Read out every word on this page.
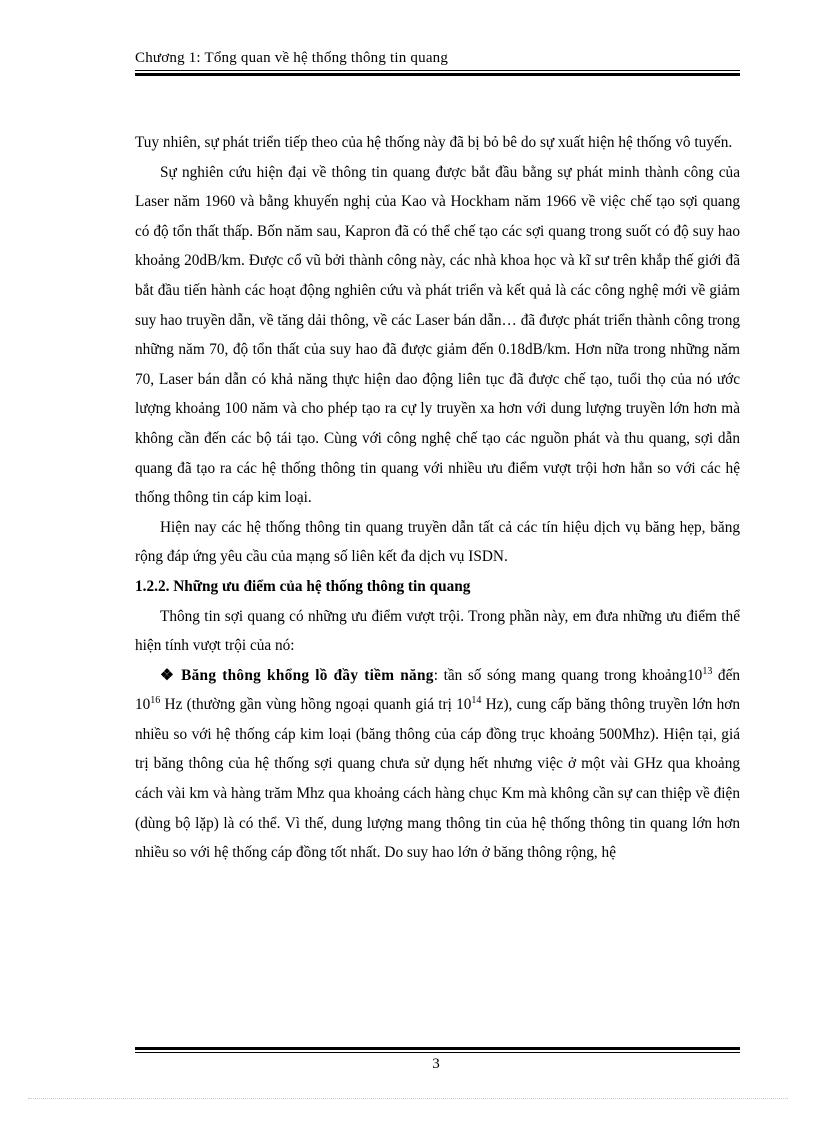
Chương 1: Tổng quan về hệ thống thông tin quang

Tuy nhiên, sự phát triển tiếp theo của hệ thống này đã bị bỏ bê do sự xuất hiện hệ thống vô tuyến.

Sự nghiên cứu hiện đại về thông tin quang được bắt đầu bằng sự phát minh thành công của Laser năm 1960 và bằng khuyến nghị của Kao và Hockham năm 1966 về việc chế tạo sợi quang có độ tổn thất thấp. Bốn năm sau, Kapron đã có thể chế tạo các sợi quang trong suốt có độ suy hao khoảng 20dB/km. Được cổ vũ bởi thành công này, các nhà khoa học và kĩ sư trên khắp thế giới đã bắt đầu tiến hành các hoạt động nghiên cứu và phát triển và kết quả là các công nghệ mới về giảm suy hao truyền dẫn, về tăng dải thông, về các Laser bán dẫn… đã được phát triển thành công trong những năm 70, độ tổn thất của suy hao đã được giảm đến 0.18dB/km. Hơn nữa trong những năm 70, Laser bán dẫn có khả năng thực hiện dao động liên tục đã được chế tạo, tuổi thọ của nó ước lượng khoảng 100 năm và cho phép tạo ra cự ly truyền xa hơn với dung lượng truyền lớn hơn mà không cần đến các bộ tái tạo. Cùng với công nghệ chế tạo các nguồn phát và thu quang, sợi dẫn quang đã tạo ra các hệ thống thông tin quang với nhiều ưu điểm vượt trội hơn hẳn so với các hệ thống thông tin cáp kim loại.

Hiện nay các hệ thống thông tin quang truyền dẫn tất cả các tín hiệu dịch vụ băng hẹp, băng rộng đáp ứng yêu cầu của mạng số liên kết đa dịch vụ ISDN.

1.2.2. Những ưu điểm của hệ thống thông tin quang

Thông tin sợi quang có những ưu điểm vượt trội. Trong phần này, em đưa những ưu điểm thể hiện tính vượt trội của nó:

❖ Băng thông khổng lồ đầy tiềm năng: tần số sóng mang quang trong $khoảng10^{13}$ đến $10^{16}$ Hz (thường gần vùng hồng ngoại quanh giá trị $10^{14}$ Hz), cung cấp băng thông truyền lớn hơn nhiều so với hệ thống cáp kim loại (băng thông của cáp đồng trục khoảng 500Mhz). Hiện tại, giá trị băng thông của hệ thống sợi quang chưa sử dụng hết nhưng việc ở một vài GHz qua khoảng cách vài km và hàng trăm Mhz qua khoảng cách hàng chục Km mà không cần sự can thiệp về điện (dùng bộ lặp) là có thể. Vì thế, dung lượng mang thông tin của hệ thống thông tin quang lớn hơn nhiều so với hệ thống cáp đồng tốt nhất. Do suy hao lớn ở băng thông rộng, hệ

3
